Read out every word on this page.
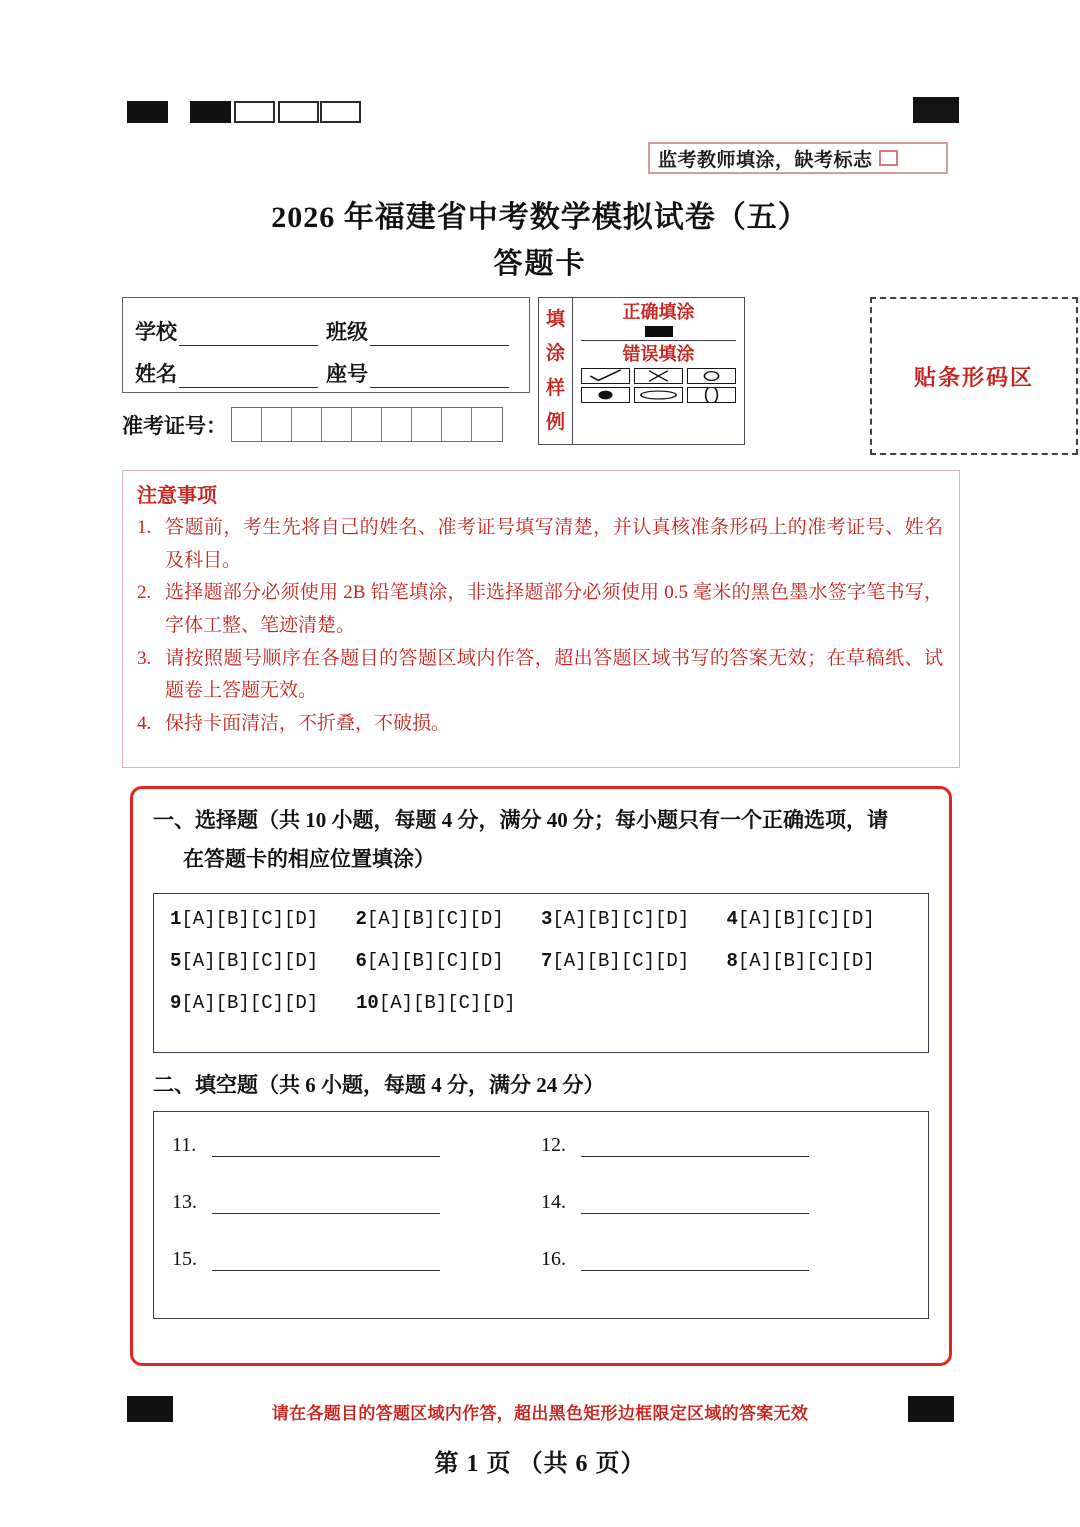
监考教师填涂，缺考标志
2026 年福建省中考数学模拟试卷（五）
答题卡
学校	班级
姓名	座号
准考证号：
填
涂
样
例
正确填涂
错误填涂
贴条形码区
注意事项
1. 答题前，考生先将自己的姓名、准考证号填写清楚，并认真核准条形码上的准考证号、姓名及科目。
2. 选择题部分必须使用 2B 铅笔填涂，非选择题部分必须使用 0.5 毫米的黑色墨水签字笔书写，字体工整、笔迹清楚。
3. 请按照题号顺序在各题目的答题区域内作答，超出答题区域书写的答案无效；在草稿纸、试题卷上答题无效。
4. 保持卡面清洁，不折叠，不破损。
一、选择题（共 10 小题，每题 4 分，满分 40 分；每小题只有一个正确选项，请
在答题卡的相应位置填涂）
1[A][B][C][D]	2[A][B][C][D]	3[A][B][C][D]	4[A][B][C][D]
5[A][B][C][D]	6[A][B][C][D]	7[A][B][C][D]	8[A][B][C][D]
9[A][B][C][D]	10[A][B][C][D]
二、填空题（共 6 小题，每题 4 分，满分 24 分）
11.	12.
13.	14.
15.	16.
请在各题目的答题区域内作答，超出黑色矩形边框限定区域的答案无效
第 1 页 （共 6 页）
